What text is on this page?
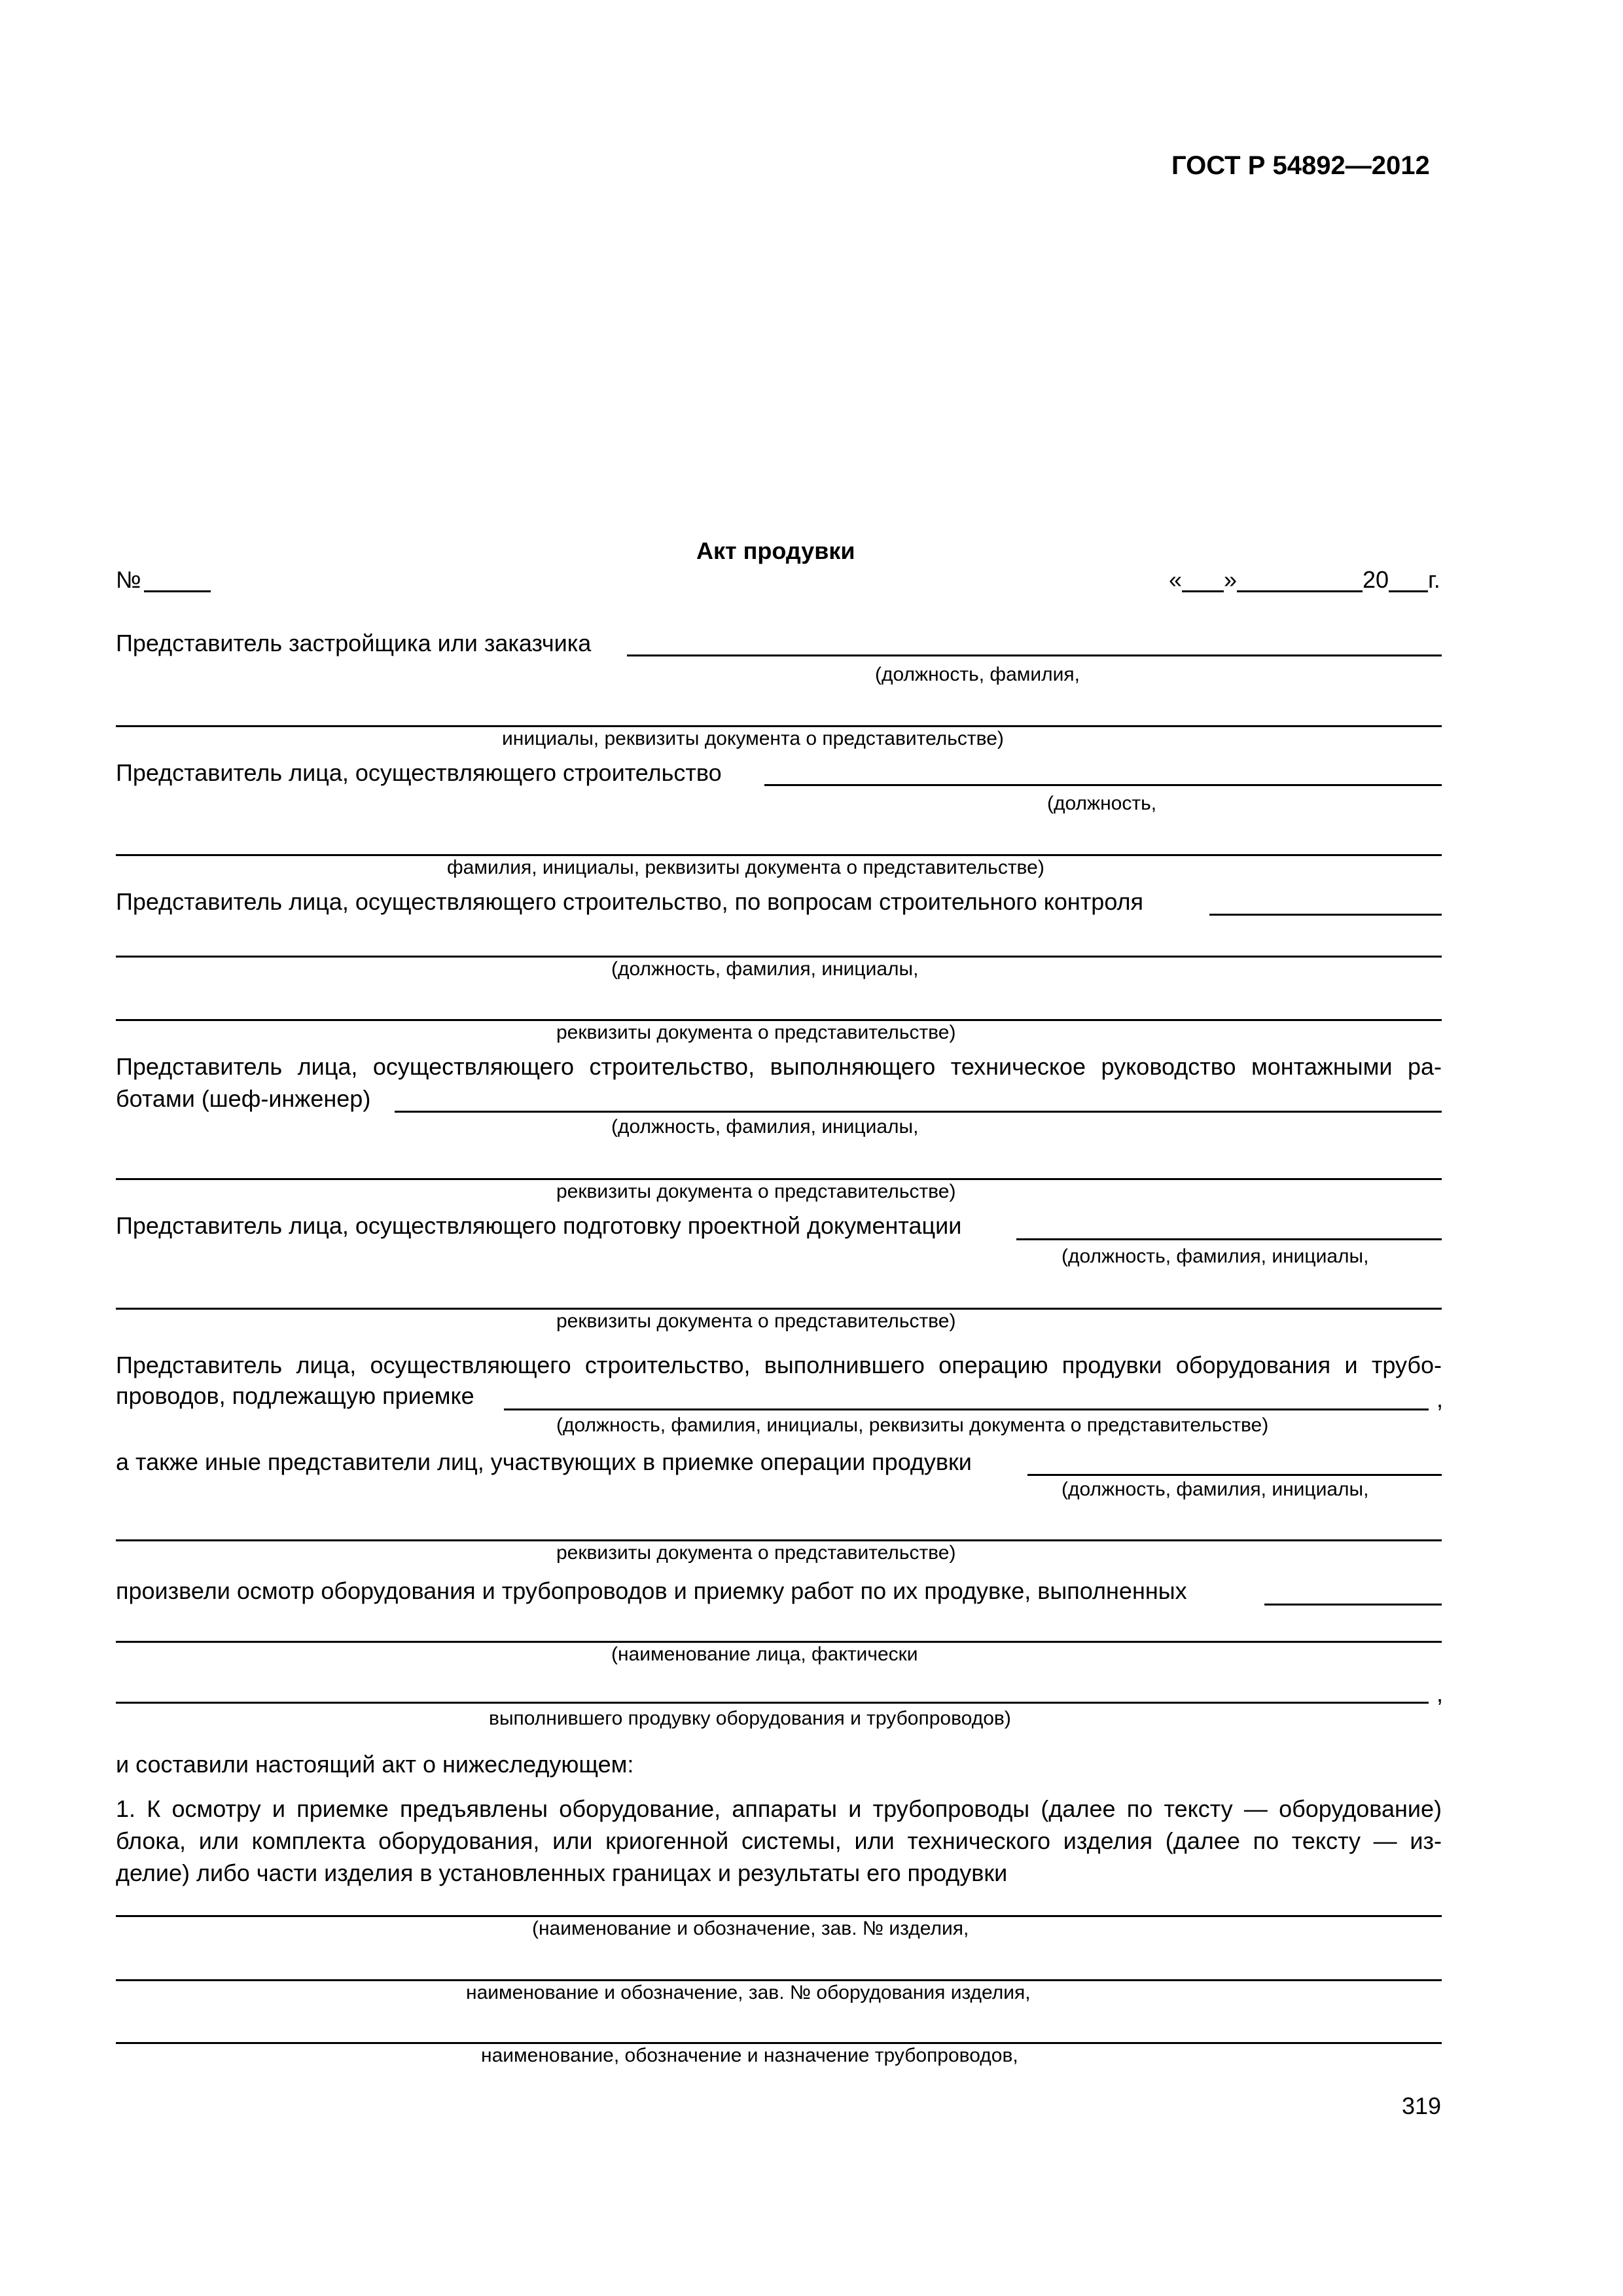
ГОСТ Р 54892—2012
Акт продувки
№	« »	20 г.
Представитель застройщика или заказчика
(должность, фамилия,
инициалы, реквизиты документа о представительстве)
Представитель лица, осуществляющего строительство
(должность,
фамилия, инициалы, реквизиты документа о представительстве)
Представитель лица, осуществляющего строительство, по вопросам строительного контроля
(должность, фамилия, инициалы,
реквизиты документа о представительстве)
Представитель лица, осуществляющего строительство, выполняющего техническое руководство монтажными ра-
ботами (шеф-инженер)
(должность, фамилия, инициалы,
реквизиты документа о представительстве)
Представитель лица, осуществляющего подготовку проектной документации
(должность, фамилия, инициалы,
реквизиты документа о представительстве)
Представитель лица, осуществляющего строительство, выполнившего операцию продувки оборудования и трубо-
проводов, подлежащую приемке	,
(должность, фамилия, инициалы, реквизиты документа о представительстве)
а также иные представители лиц, участвующих в приемке операции продувки
(должность, фамилия, инициалы,
реквизиты документа о представительстве)
произвели осмотр оборудования и трубопроводов и приемку работ по их продувке, выполненных
(наименование лица, фактически
,
выполнившего продувку оборудования и трубопроводов)
и составили настоящий акт о нижеследующем:
1. К осмотру и приемке предъявлены оборудование, аппараты и трубопроводы (далее по тексту — оборудование)
блока, или комплекта оборудования, или криогенной системы, или технического изделия (далее по тексту — из-
делие) либо части изделия в установленных границах и результаты его продувки
(наименование и обозначение, зав. № изделия,
наименование и обозначение, зав. № оборудования изделия,
наименование, обозначение и назначение трубопроводов,
319
